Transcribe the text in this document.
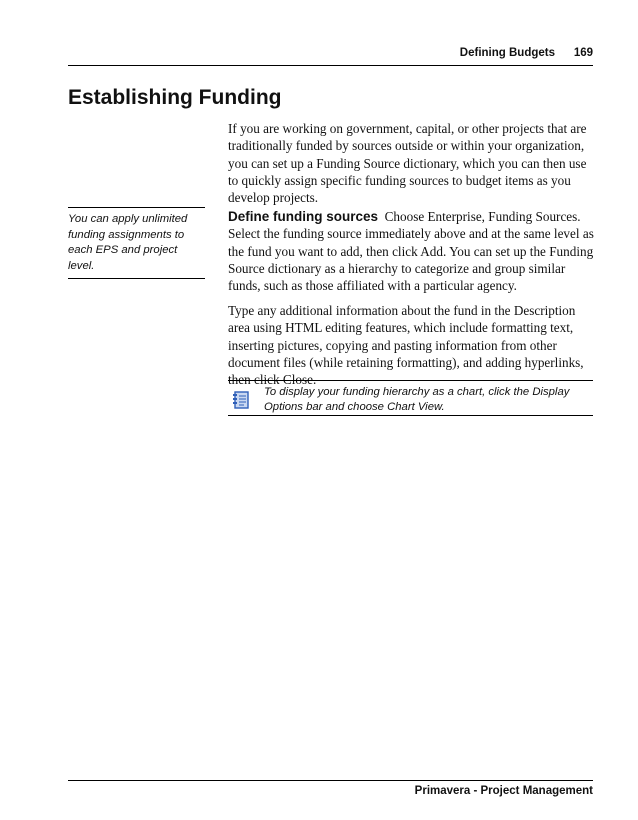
Defining Budgets 169
Establishing Funding

If you are working on government, capital, or other projects that are traditionally funded by sources outside or within your organization, you can set up a Funding Source dictionary, which you can then use to quickly assign specific funding sources to budget items as you develop projects.

You can apply unlimited funding assignments to each EPS and project level.

Define funding sources Choose Enterprise, Funding Sources. Select the funding source immediately above and at the same level as the fund you want to add, then click Add. You can set up the Funding Source dictionary as a hierarchy to categorize and group similar funds, such as those affiliated with a particular agency.

Type any additional information about the fund in the Description area using HTML editing features, which include formatting text, inserting pictures, copying and pasting information from other document files (while retaining formatting), and adding hyperlinks, then click Close.

To display your funding hierarchy as a chart, click the Display Options bar and choose Chart View.

Primavera - Project Management
